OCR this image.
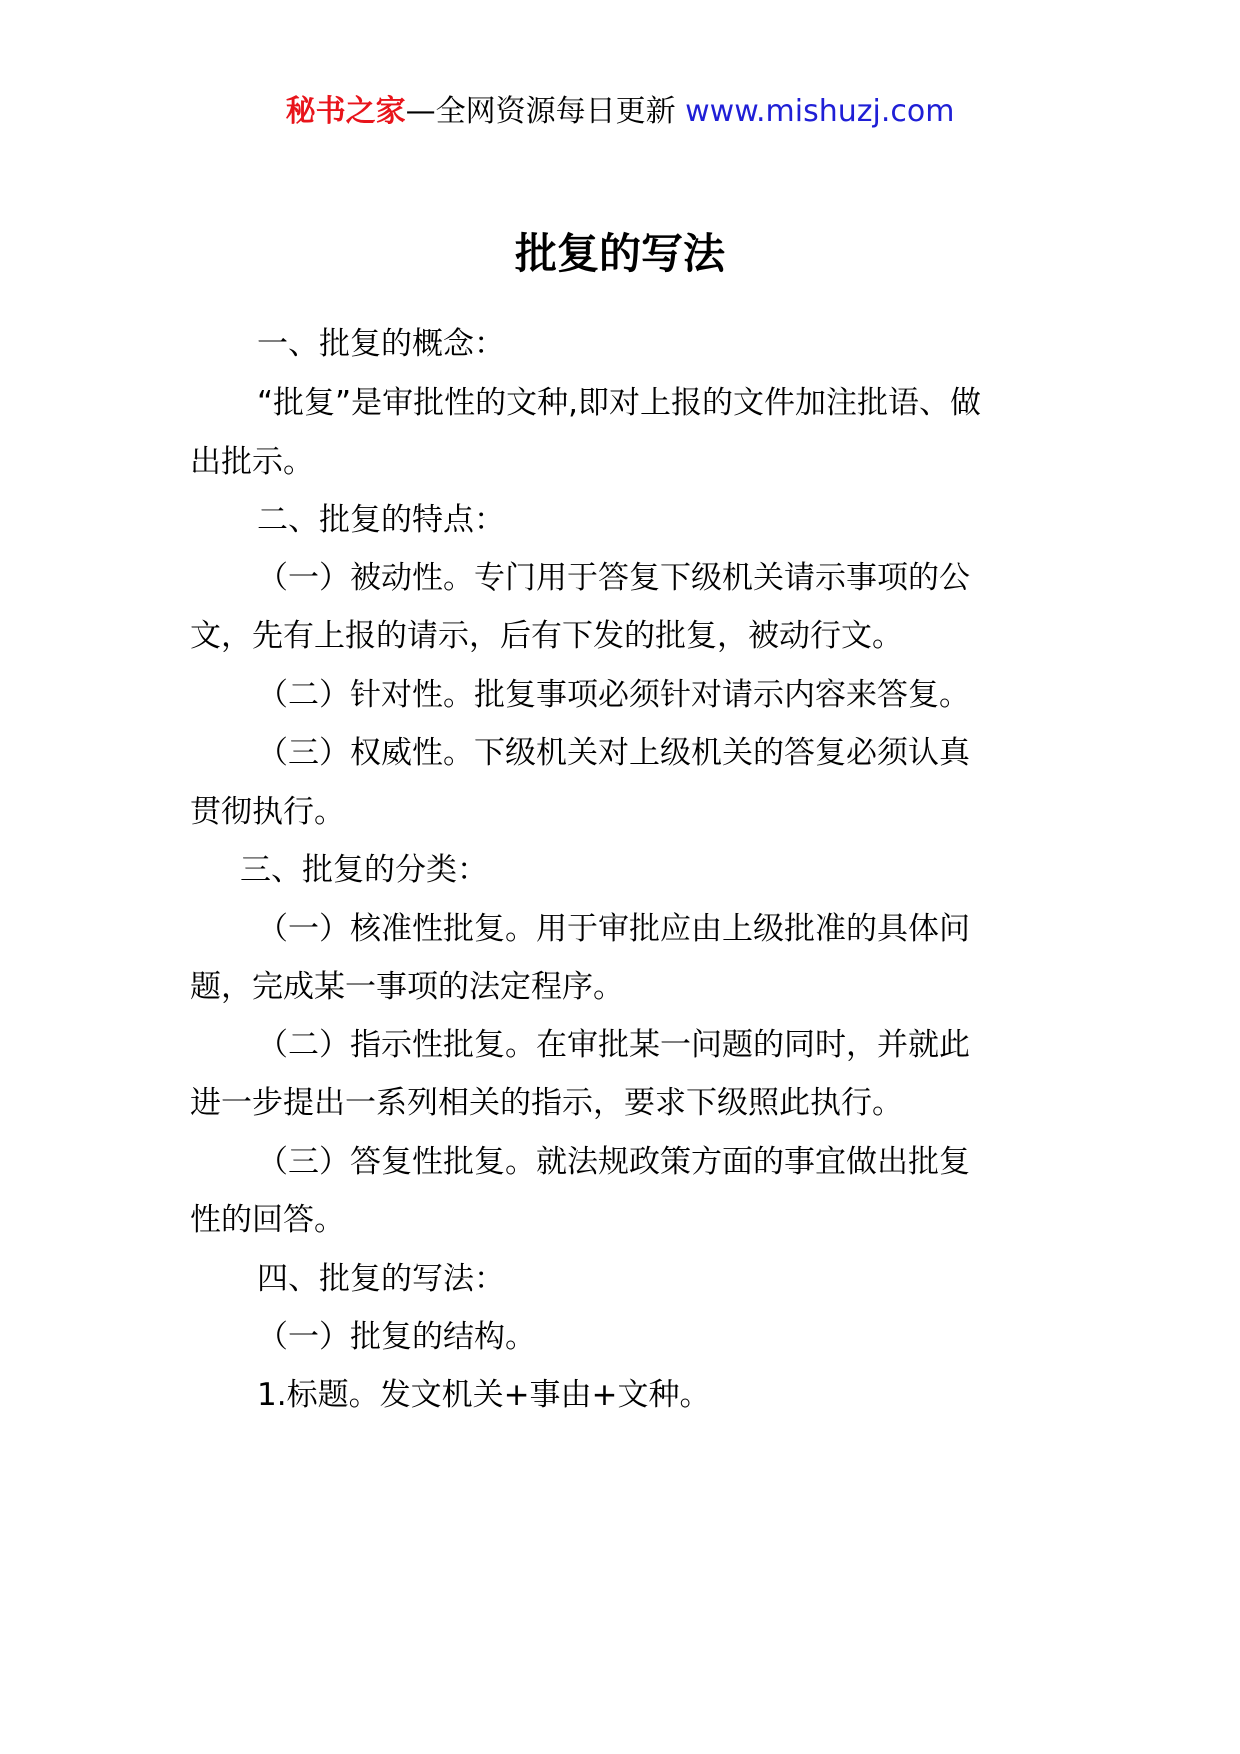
秘书之家—全网资源每日更新 www.mishuzj.com
批复的写法
一、批复的概念：
“批复”是审批性的文种,即对上报的文件加注批语、做
出批示。
二、批复的特点：
（一）被动性。专门用于答复下级机关请示事项的公
文，先有上报的请示，后有下发的批复，被动行文。
（二）针对性。批复事项必须针对请示内容来答复。
（三）权威性。下级机关对上级机关的答复必须认真
贯彻执行。
三、批复的分类：
（一）核准性批复。用于审批应由上级批准的具体问
题，完成某一事项的法定程序。
（二）指示性批复。在审批某一问题的同时，并就此
进一步提出一系列相关的指示，要求下级照此执行。
（三）答复性批复。就法规政策方面的事宜做出批复
性的回答。
四、批复的写法：
（一）批复的结构。
1.标题。发文机关+事由+文种。
